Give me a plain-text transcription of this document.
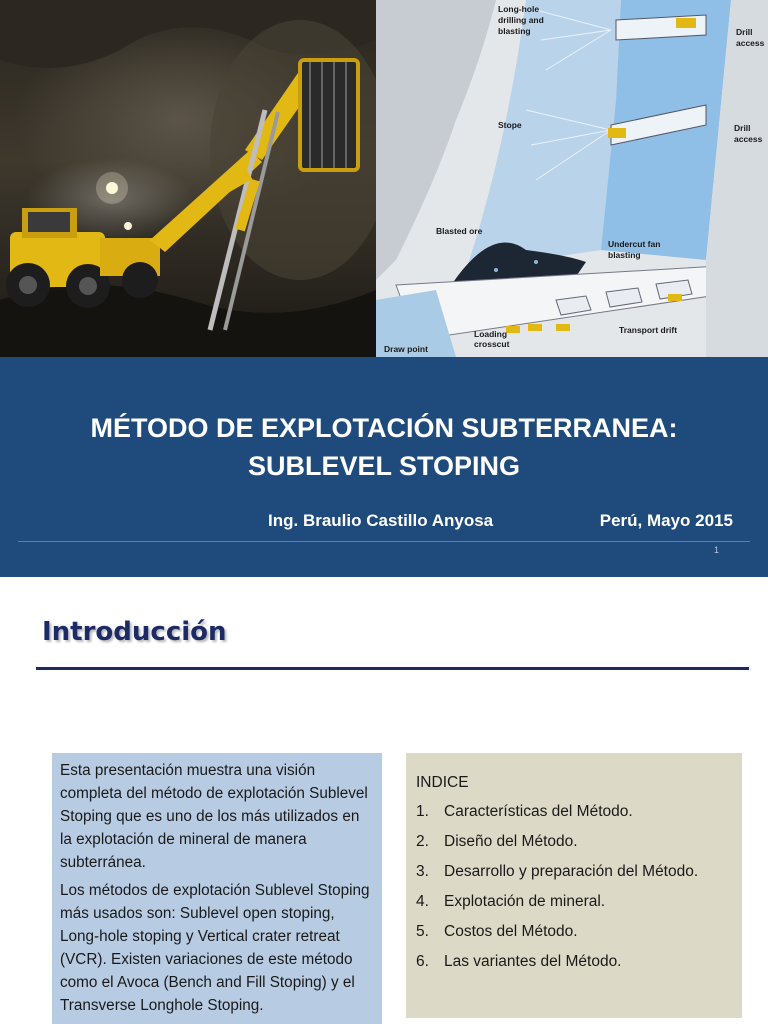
Long-hole
drilling and
blasting	Drill
access
Stope	Drill
access
Blasted ore
Undercut fan
blasting
Transport drift
Loading
crosscut
Draw point
MÉTODO DE EXPLOTACIÓN SUBTERRANEA:
SUBLEVEL STOPING
Ing. Braulio Castillo Anyosa	Perú, Mayo 2015
1
Introducción

Esta presentación muestra una visión completa del método de explotación Sublevel Stoping que es uno de los más utilizados en la explotación de mineral de manera subterránea.

Los métodos de explotación Sublevel Stoping más usados son: Sublevel open stoping, Long-hole stoping y Vertical crater retreat (VCR). Existen variaciones de este método como el Avoca (Bench and Fill Stoping) y el Transverse Longhole Stoping.

INDICE
1. Características del Método.
2. Diseño del Método.
3. Desarrollo y preparación del Método.
4. Explotación de mineral.
5. Costos del Método.
6. Las variantes del Método.
